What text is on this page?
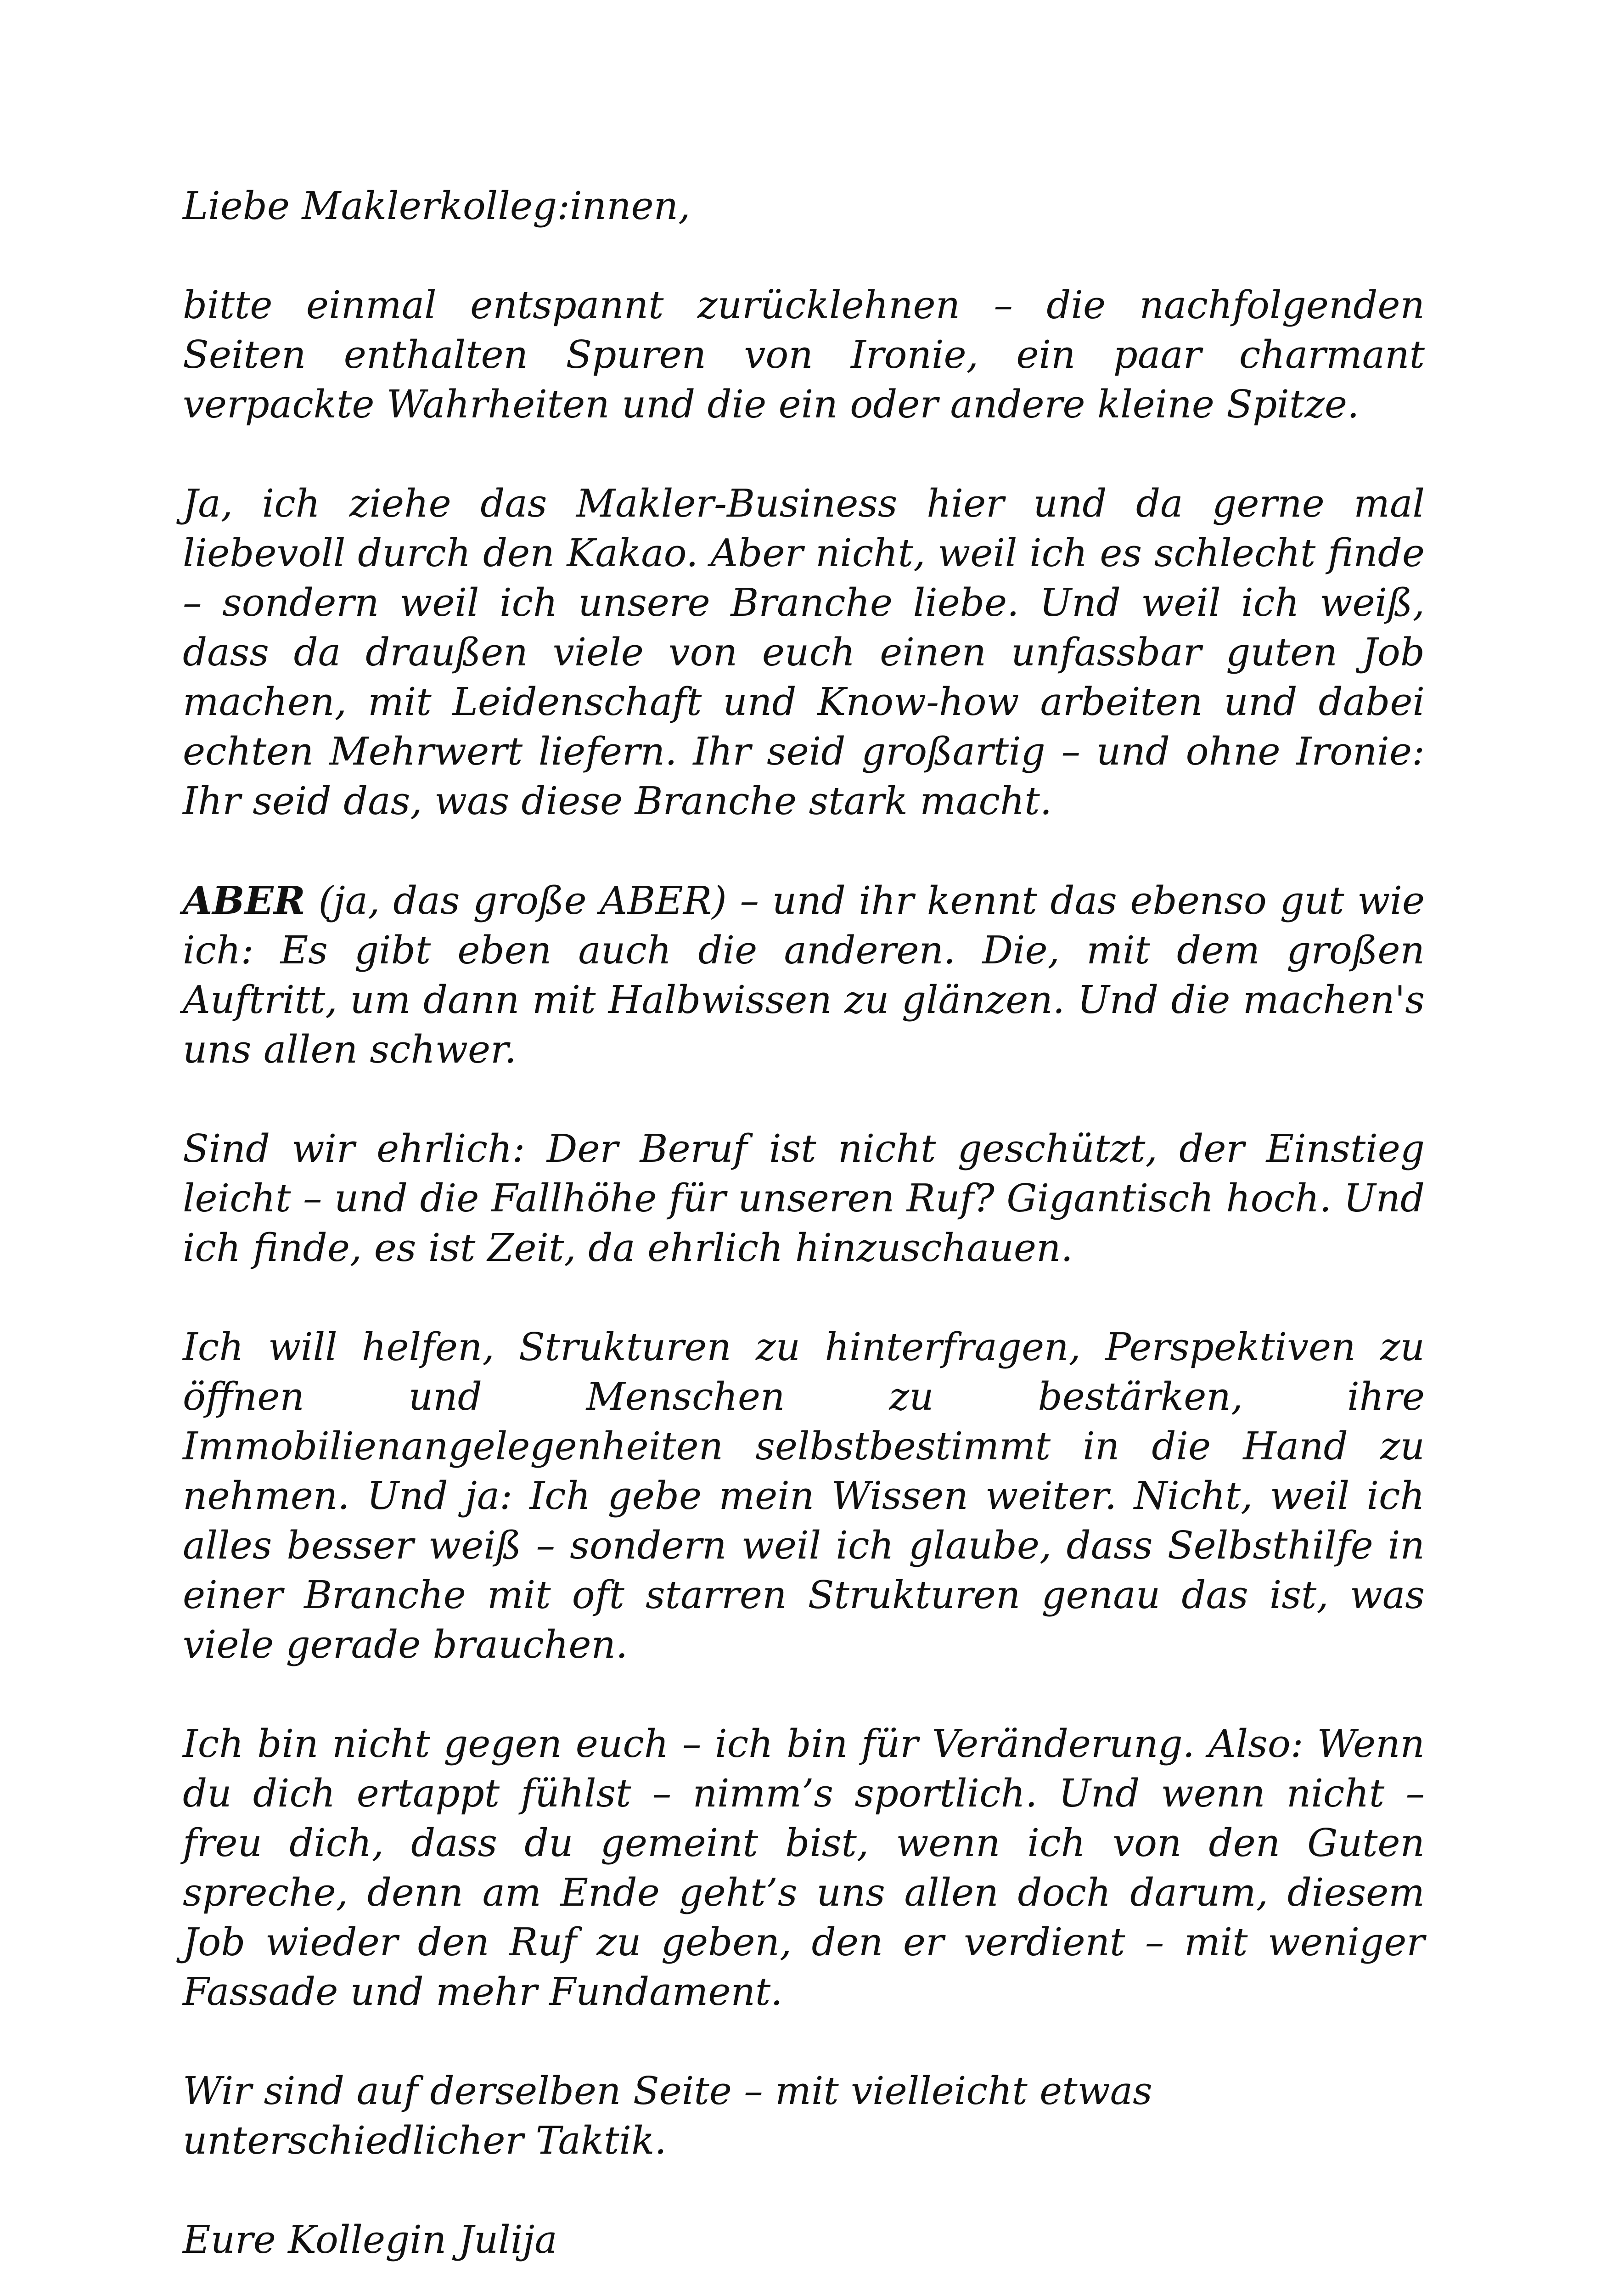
Liebe Maklerkolleg:innen,

bitte einmal entspannt zurücklehnen – die nachfolgenden Seiten enthalten Spuren von Ironie, ein paar charmant verpackte Wahrheiten und die ein oder andere kleine Spitze.

Ja, ich ziehe das Makler-Business hier und da gerne mal liebevoll durch den Kakao. Aber nicht, weil ich es schlecht finde – sondern weil ich unsere Branche liebe. Und weil ich weiß, dass da draußen viele von euch einen unfassbar guten Job machen, mit Leidenschaft und Know-how arbeiten und dabei echten Mehrwert liefern. Ihr seid großartig – und ohne Ironie: Ihr seid das, was diese Branche stark macht.

ABER (ja, das große ABER) – und ihr kennt das ebenso gut wie ich: Es gibt eben auch die anderen. Die, mit dem großen Auftritt, um dann mit Halbwissen zu glänzen. Und die machen's uns allen schwer.

Sind wir ehrlich: Der Beruf ist nicht geschützt, der Einstieg leicht – und die Fallhöhe für unseren Ruf? Gigantisch hoch. Und ich finde, es ist Zeit, da ehrlich hinzuschauen.

Ich will helfen, Strukturen zu hinterfragen, Perspektiven zu öffnen und Menschen zu bestärken, ihre Immobilienangelegenheiten selbstbestimmt in die Hand zu nehmen. Und ja: Ich gebe mein Wissen weiter. Nicht, weil ich alles besser weiß – sondern weil ich glaube, dass Selbsthilfe in einer Branche mit oft starren Strukturen genau das ist, was viele gerade brauchen.

Ich bin nicht gegen euch – ich bin für Veränderung. Also: Wenn du dich ertappt fühlst – nimm’s sportlich. Und wenn nicht – freu dich, dass du gemeint bist, wenn ich von den Guten spreche, denn am Ende geht’s uns allen doch darum, diesem Job wieder den Ruf zu geben, den er verdient – mit weniger Fassade und mehr Fundament.

Wir sind auf derselben Seite – mit vielleicht etwas unterschiedlicher Taktik.

Eure Kollegin Julija
